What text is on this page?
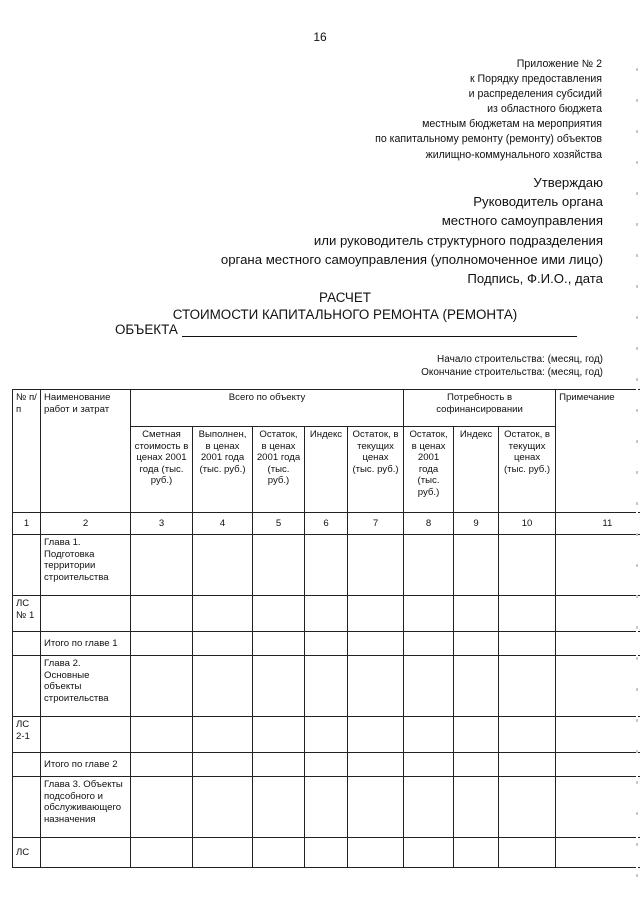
16
Приложение № 2
к Порядку предоставления
и распределения субсидий
из областного бюджета
местным бюджетам на мероприятия
по капитальному ремонту (ремонту) объектов
жилищно-коммунального хозяйства
Утверждаю
Руководитель органа
местного самоуправления
или руководитель структурного подразделения
органа местного самоуправления (уполномоченное ими лицо)
Подпись, Ф.И.О., дата
РАСЧЕТ
СТОИМОСТИ КАПИТАЛЬНОГО РЕМОНТА (РЕМОНТА)
ОБЪЕКТА
Начало строительства: (месяц, год)
Окончание строительства: (месяц, год)
№ п/п	Наименование работ и затрат	Всего по объекту					Потребность в софинансировании			Примечание
		Сметная стоимость в ценах 2001 года (тыс. руб.)	Выполнен, в ценах 2001 года (тыс. руб.)	Остаток, в ценах 2001 года (тыс. руб.)	Индекс	Остаток, в текущих ценах (тыс. руб.)	Остаток, в ценах 2001 года (тыс. руб.)	Индекс	Остаток, в текущих ценах (тыс. руб.)	
1	2	3	4	5	6	7	8	9	10	11
	Глава 1. Подготовка территории строительства									
ЛС № 1										
	Итого по главе 1									
	Глава 2. Основные объекты строительства									
ЛС 2-1										
	Итого по главе 2									
	Глава 3. Объекты подсобного и обслуживающего назначения									
ЛС										
